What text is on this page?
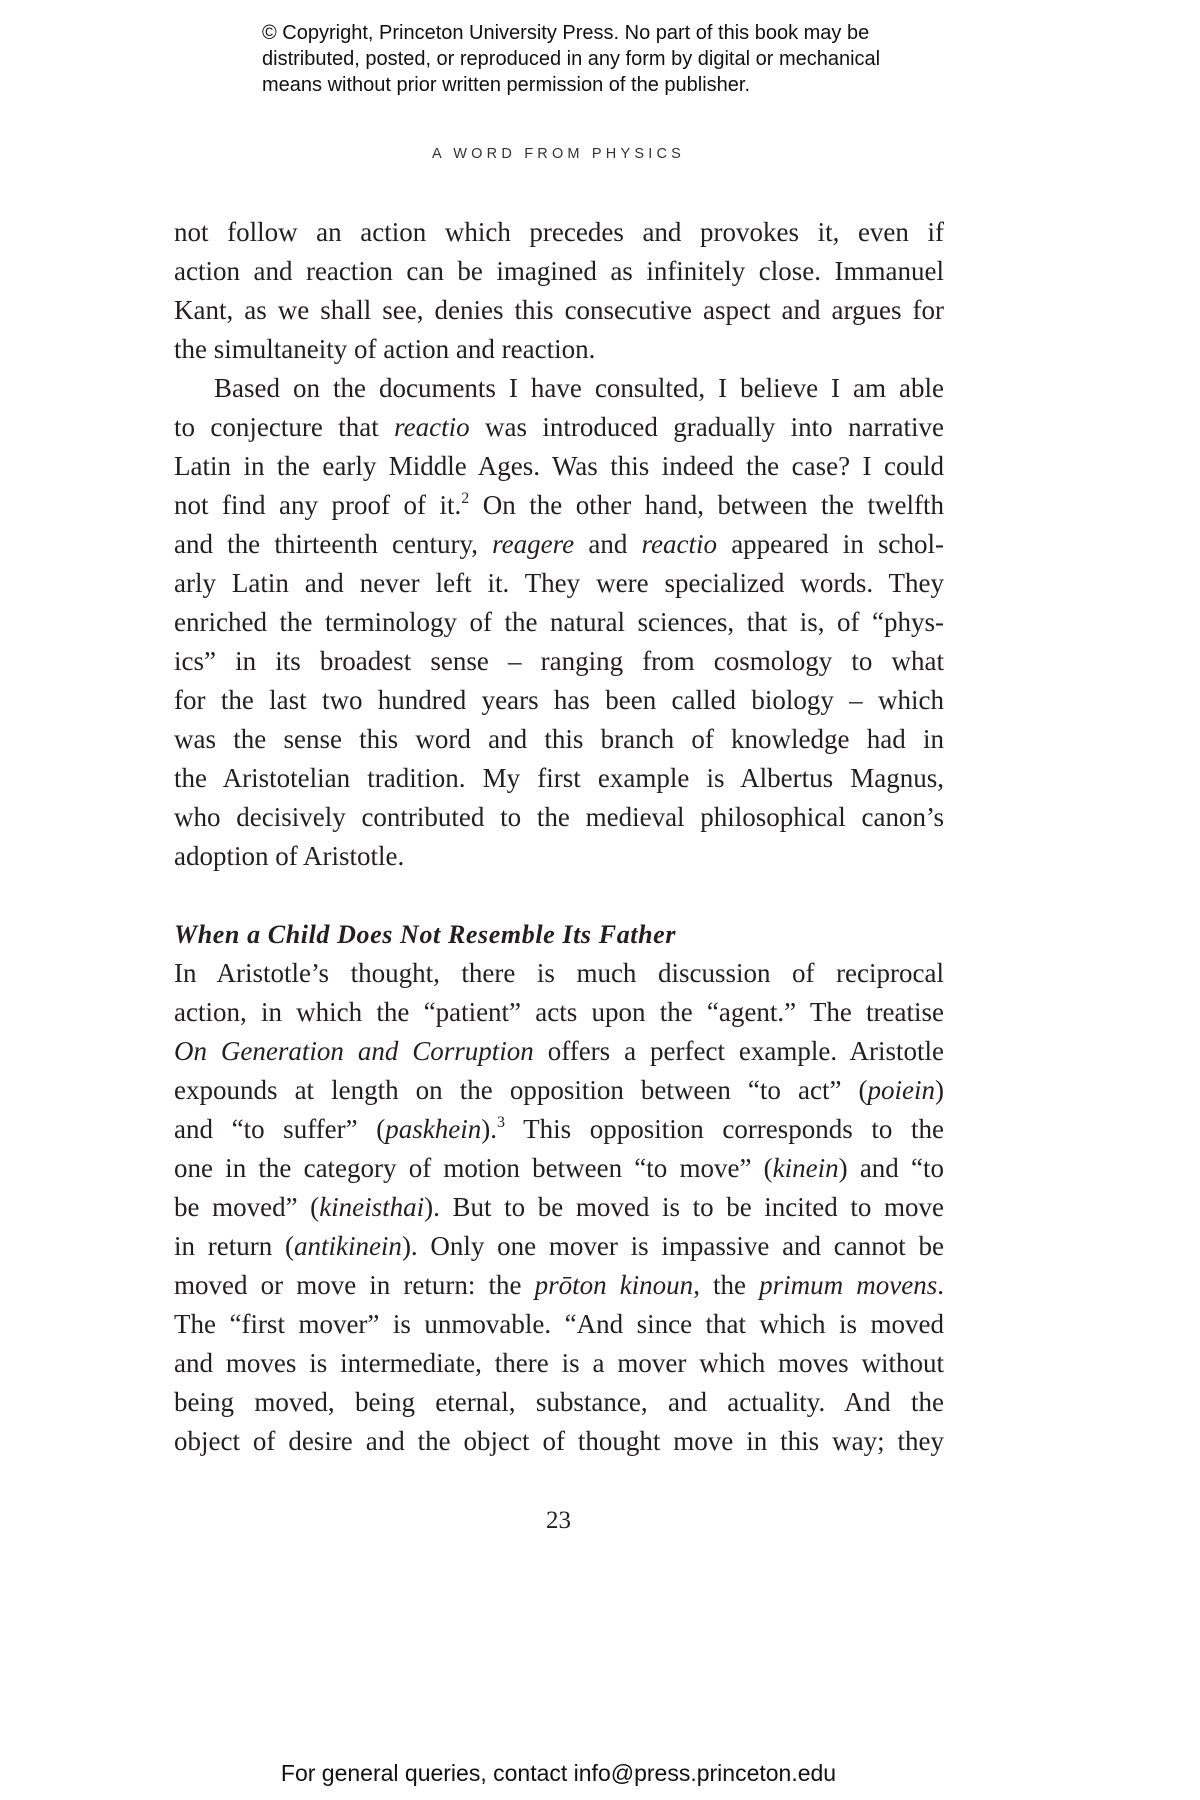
© Copyright, Princeton University Press. No part of this book may be
distributed, posted, or reproduced in any form by digital or mechanical
means without prior written permission of the publisher.
A WORD FROM PHYSICS
not follow an action which precedes and provokes it, even if
action and reaction can be imagined as infinitely close. Immanuel
Kant, as we shall see, denies this consecutive aspect and argues for
the simultaneity of action and reaction.
Based on the documents I have consulted, I believe I am able
to conjecture that reactio was introduced gradually into narrative
Latin in the early Middle Ages. Was this indeed the case? I could
not find any proof of it.$^2$ On the other hand, between the twelfth
and the thirteenth century, reagere and reactio appeared in schol-
arly Latin and never left it. They were specialized words. They
enriched the terminology of the natural sciences, that is, of “phys-
ics” in its broadest sense – ranging from cosmology to what
for the last two hundred years has been called biology – which
was the sense this word and this branch of knowledge had in
the Aristotelian tradition. My first example is Albertus Magnus,
who decisively contributed to the medieval philosophical canon’s
adoption of Aristotle.
When a Child Does Not Resemble Its Father
In Aristotle’s thought, there is much discussion of reciprocal
action, in which the “patient” acts upon the “agent.” The treatise
On Generation and Corruption offers a perfect example. Aristotle
expounds at length on the opposition between “to act” (poiein)
and “to suffer” (paskhein).$^3$ This opposition corresponds to the
one in the category of motion between “to move” (kinein) and “to
be moved” (kineisthai). But to be moved is to be incited to move
in return (antikinein). Only one mover is impassive and cannot be
moved or move in return: the prōton kinoun, the primum movens.
The “first mover” is unmovable. “And since that which is moved
and moves is intermediate, there is a mover which moves without
being moved, being eternal, substance, and actuality. And the
object of desire and the object of thought move in this way; they
23
For general queries, contact info@press.princeton.edu
